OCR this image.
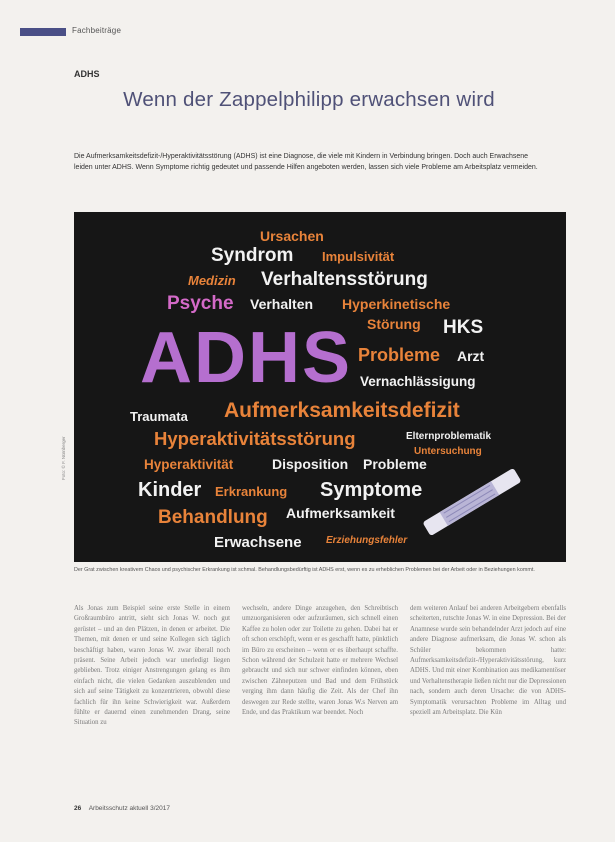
Fachbeiträge
ADHS
Wenn der Zappelphilipp erwachsen wird
Die Aufmerksamkeitsdefizit-/Hyperaktivitätsstörung (ADHS) ist eine Diagnose, die viele mit Kindern in Verbindung bringen. Doch auch Erwachsene leiden unter ADHS. Wenn Symptome richtig gedeutet und passende Hilfen angeboten werden, lassen sich viele Probleme am Arbeitsplatz vermeiden.
Ursachen
Syndrom Impulsivität
Medizin Verhaltensstörung
Psyche Verhalten Hyperkinetische
Störung HKS
ADHS Probleme Arzt
Vernachlässigung
Traumata Aufmerksamkeitsdefizit
Hyperaktivitätsstörung	Elternproblematik
Untersuchung
Hyperaktivität	Disposition Probleme
Kinder Erkrankung Symptome
Behandlung Aufmerksamkeit
Erwachsene Erziehungsfehler
Foto: © F. Nürnberger
Der Grat zwischen kreativem Chaos und psychischer Erkrankung ist schmal. Behandlungsbedürftig ist ADHS erst, wenn es zu erheblichen Problemen bei der Arbeit oder in Beziehungen kommt.
Als Jonas zum Beispiel seine erste Stelle in einem Großraumbüro antritt, sieht sich Jonas W. noch gut gerüstet – und an den Plätzen, in denen er arbeitet. Die Themen, mit denen er und seine Kollegen sich täglich beschäftigt haben, waren Jonas W. zwar überall noch präsent. Seine Arbeit jedoch war unerledigt liegen geblieben. Trotz einiger Anstrengungen gelang es ihm einfach nicht, die vielen Gedanken auszublenden und sich auf seine Tätigkeit zu konzentrieren, obwohl diese fachlich für ihn keine Schwierigkeit war. Außerdem fühlte er dauernd einen zunehmenden Drang, seine Situation zu
wechseln, andere Dinge anzugehen, den Schreibtisch umzuorganisieren oder aufzuräumen, sich schnell einen Kaffee zu holen oder zur Toilette zu gehen. Dabei hat er oft schon erschöpft, wenn er es geschafft hatte, pünktlich im Büro zu erscheinen – wenn er es überhaupt schaffte. Schon während der Schulzeit hatte er mehrere Wechsel gebraucht und sich nur schwer einfinden können, eben zwischen Zähneputzen und Bad und dem Frühstück verging ihm dann häufig die Zeit. Als der Chef ihn deswegen zur Rede stellte, waren Jonas W.s Nerven am Ende, und das Praktikum war beendet. Noch
dem weiteren Anlauf bei anderen Arbeitgebern ebenfalls scheiterten, rutschte Jonas W. in eine Depression. Bei der Anamnese wurde sein behandelnder Arzt jedoch auf eine andere Diagnose aufmerksam, die Jonas W. schon als Schüler bekommen hatte: Aufmerksamkeitsdefizit-/Hyperaktivitätsstörung, kurz ADHS. Und mit einer Kombination aus medikamentöser und Verhaltenstherapie ließen nicht nur die Depressionen nach, sondern auch deren Ursache: die von ADHS-Symptomatik verursachten Probleme im Alltag und speziell am Arbeitsplatz. Die Kün
26 Arbeitsschutz aktuell 3/2017
